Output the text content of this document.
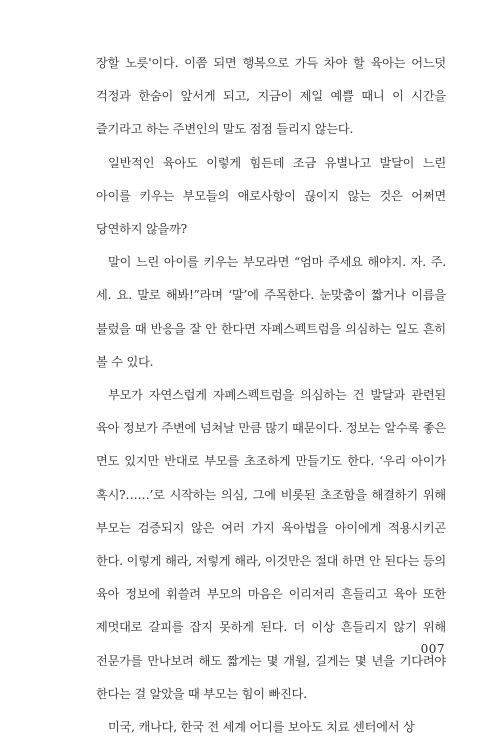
장할 노릇'이다. 이쯤 되면 행복으로 가득 차야 할 육아는 어느덧 걱정과 한숨이 앞서게 되고, 지금이 제일 예쁠 때니 이 시간을 즐기라고 하는 주변인의 말도 점점 들리지 않는다.

일반적인 육아도 이렇게 힘든데 조금 유별나고 발달이 느린 아이를 키우는 부모들의 애로사항이 끊이지 않는 것은 어쩌면 당연하지 않을까?

말이 느린 아이를 키우는 부모라면 “엄마 주세요 해야지. 자. 주. 세. 요. 말로 해봐!”라며 ‘말’에 주목한다. 눈맞춤이 짧거나 이름을 불렀을 때 반응을 잘 안 한다면 자폐스펙트럼을 의심하는 일도 흔히 볼 수 있다.

부모가 자연스럽게 자폐스펙트럼을 의심하는 건 발달과 관련된 육아 정보가 주변에 넘쳐날 만큼 많기 때문이다. 정보는 알수록 좋은 면도 있지만 반대로 부모를 초조하게 만들기도 한다. ‘우리 아이가 혹시?……’로 시작하는 의심, 그에 비롯된 초조함을 해결하기 위해 부모는 검증되지 않은 여러 가지 육아법을 아이에게 적용시키곤 한다. 이렇게 해라, 저렇게 해라, 이것만은 절대 하면 안 된다는 등의 육아 정보에 휘쓸려 부모의 마음은 이리저리 흔들리고 육아 또한 제멋대로 갈피를 잡지 못하게 된다. 더 이상 흔들리지 않기 위해 전문가를 만나보려 해도 짧게는 몇 개월, 길게는 몇 년을 기다려야 한다는 걸 알았을 때 부모는 힘이 빠진다.

미국, 캐나다, 한국 전 세계 어디를 보아도 치료 센터에서 상

007
